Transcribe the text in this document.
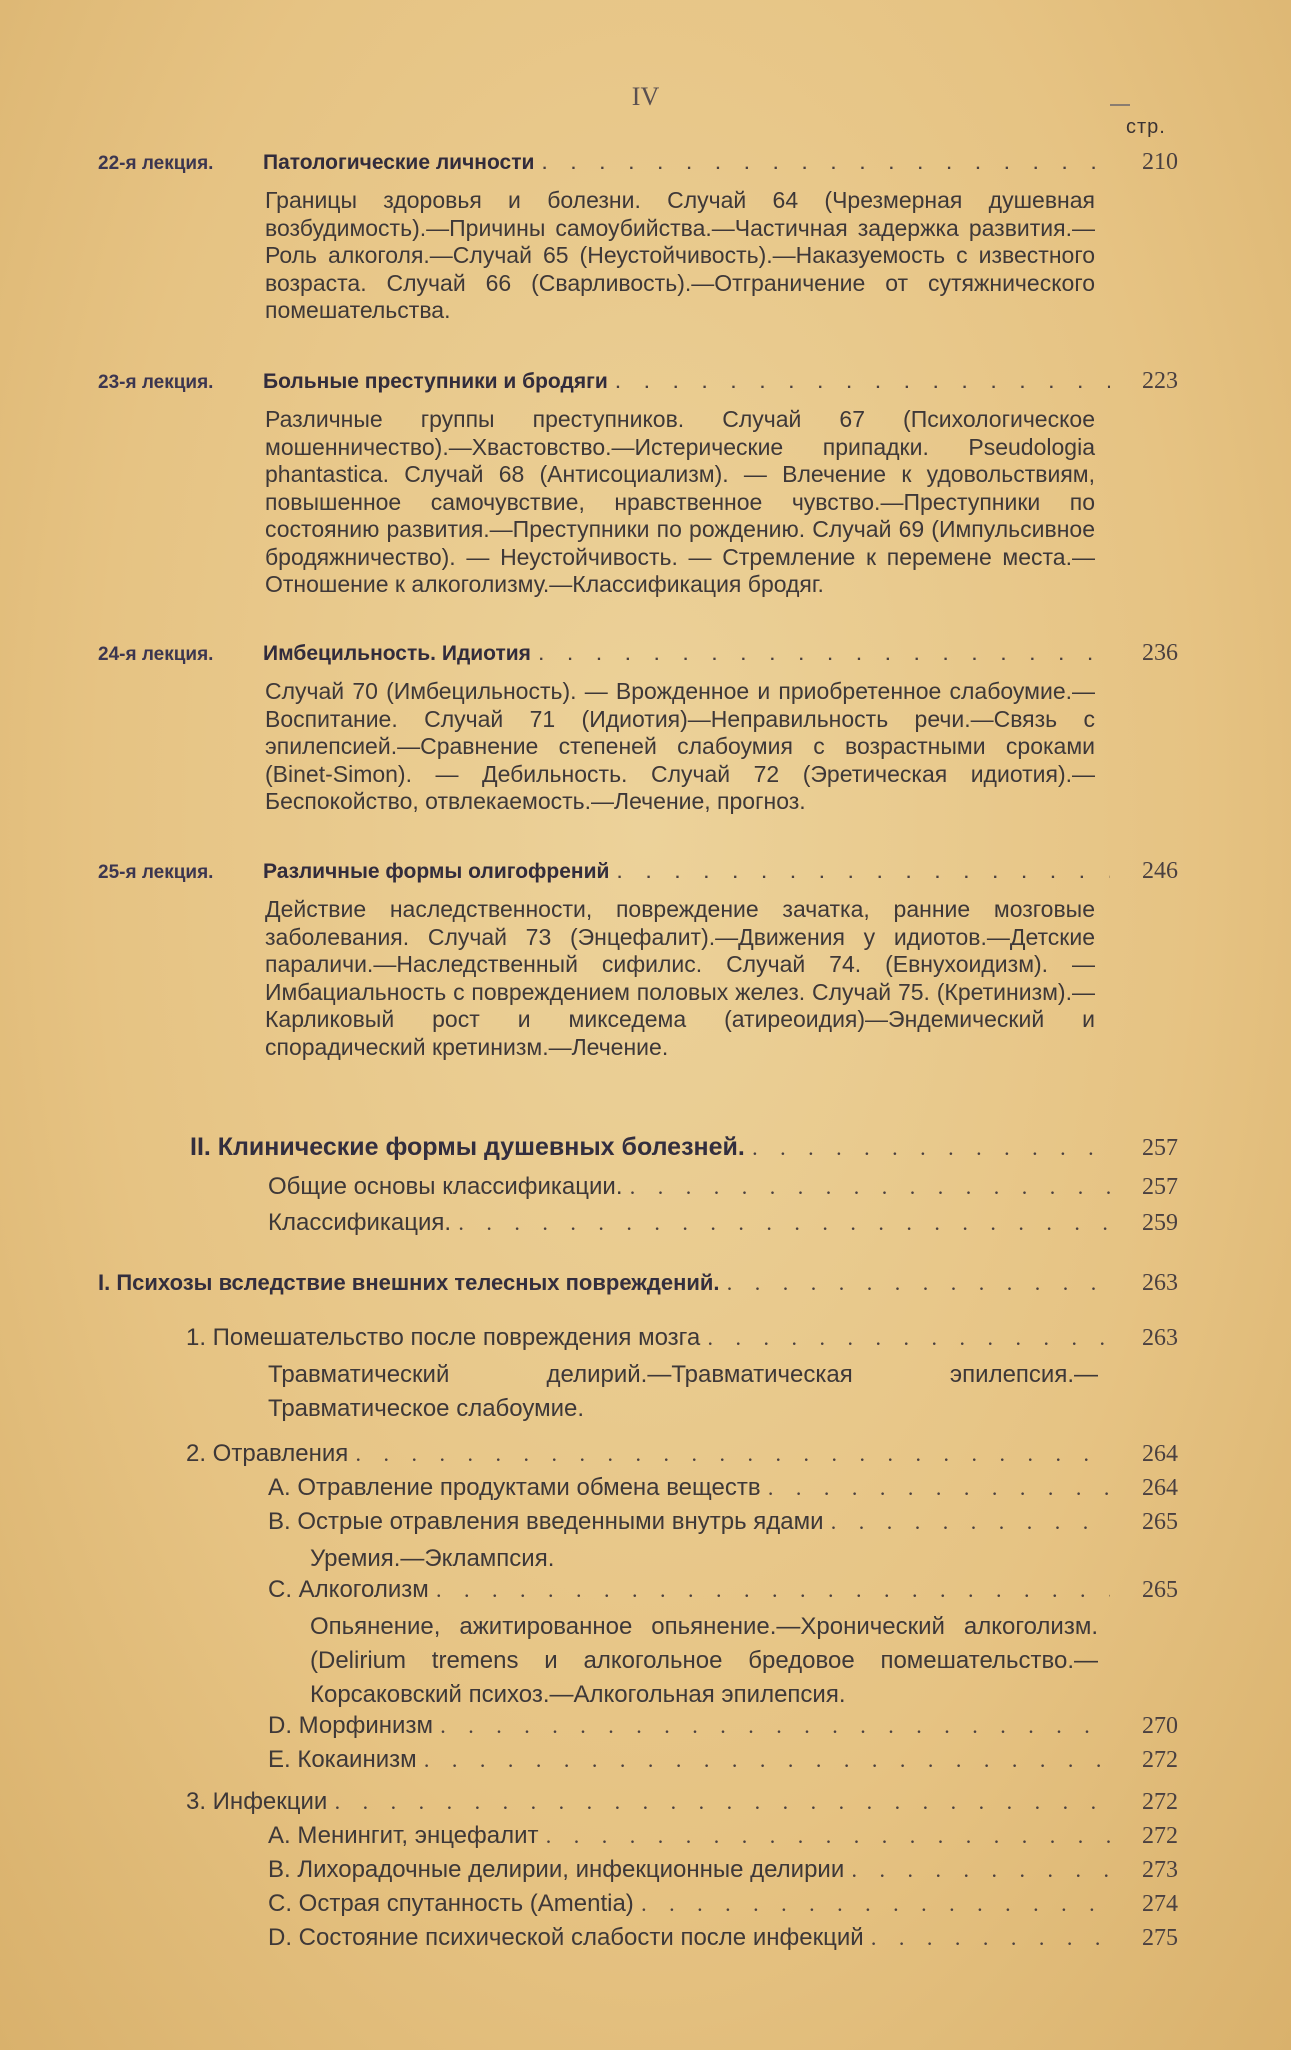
IV
стр.
22-я лекция.	Патологические личности . . .	210
Границы здоровья и болезни. Случай 64 (Чрезмерная душевная возбудимость).—Причины самоубийства.—Частичная задержка развития.—Роль алкоголя.—Случай 65 (Неустойчивость).—Наказуемость с известного возраста. Случай 66 (Сварливость).—Отграничение от сутяжнического помешательства.
23-я лекция.	Больные преступники и бродяги . . .	223
Различные группы преступников. Случай 67 (Психологическое мошенничество).—Хвастовство.—Истерические припадки. Pseudologia phantastica. Случай 68 (Антисоциализм). — Влечение к удовольствиям, повышенное самочувствие, нравственное чувство.—Преступники по состоянию развития.—Преступники по рождению. Случай 69 (Импульсивное бродяжничество). — Неустойчивость. — Стремление к перемене места.—Отношение к алкоголизму.—Классификация бродяг.
24-я лекция.	Имбецильность. Идиотия . . .	236
Случай 70 (Имбецильность). — Врожденное и приобретенное слабоумие.—Воспитание. Случай 71 (Идиотия)—Неправильность речи.—Связь с эпилепсией.—Сравнение степеней слабоумия с возрастными сроками (Binet-Simon). — Дебильность. Случай 72 (Эретическая идиотия).—Беспокойство, отвлекаемость.—Лечение, прогноз.
25-я лекция.	Различные формы олигофрений . . .	246
Действие наследственности, повреждение зачатка, ранние мозговые заболевания. Случай 73 (Энцефалит).—Движения у идиотов.—Детские параличи.—Наследственный сифилис. Случай 74. (Евнухоидизм). — Имбациальность с повреждением половых желез. Случай 75. (Кретинизм).—Карликовый рост и микседема (атиреоидия)—Эндемический и спорадический кретинизм.—Лечение.
II. Клинические формы душевных болезней. . . .	257
Общие основы классификации. . . .	257
Классификация. . . .	259
I. Психозы вследствие внешних телесных повреждений. . . .	263
1. Помешательство после повреждения мозга . . .	263
Травматический делирий.—Травматическая эпилепсия.—Травматическое слабоумие.
2. Отравления . . .	264
A. Отравление продуктами обмена веществ . . .	264
B. Острые отравления введенными внутрь ядами . . .	265
Уремия.—Эклампсия.
C. Алкоголизм . . .	265
Опьянение, ажитированное опьянение.—Хронический алкоголизм. (Delirium tremens и алкогольное бредовое помешательство.—Корсаковский психоз.—Алкогольная эпилепсия.
D. Морфинизм . . .	270
E. Кокаинизм . . .	272
3. Инфекции . . .	272
A. Менингит, энцефалит . . .	272
B. Лихорадочные делирии, инфекционные делирии . . .	273
C. Острая спутанность (Amentia) . . .	274
D. Состояние психической слабости после инфекций . . .	275
